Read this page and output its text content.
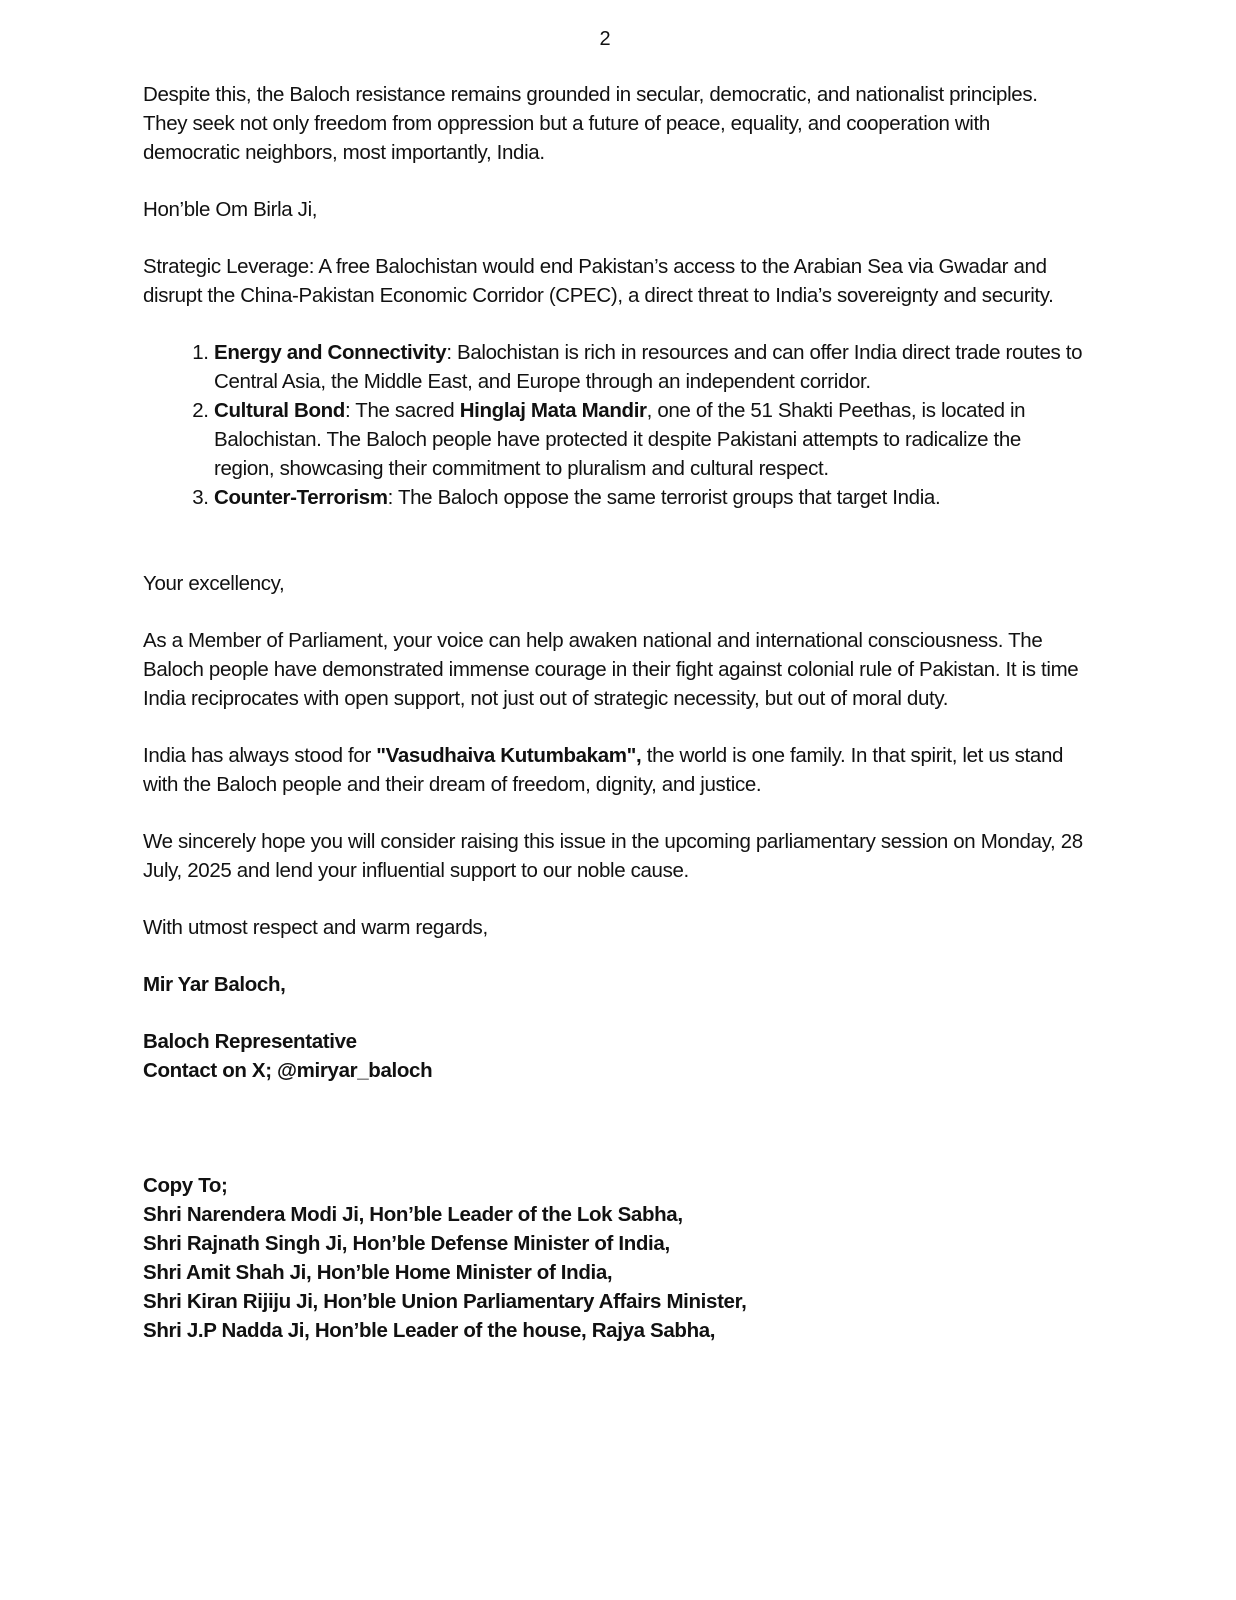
2

Despite this, the Baloch resistance remains grounded in secular, democratic, and nationalist principles. They seek not only freedom from oppression but a future of peace, equality, and cooperation with democratic neighbors, most importantly, India.

Hon’ble Om Birla Ji,

Strategic Leverage: A free Balochistan would end Pakistan’s access to the Arabian Sea via Gwadar and disrupt the China-Pakistan Economic Corridor (CPEC), a direct threat to India’s sovereignty and security.

1. Energy and Connectivity: Balochistan is rich in resources and can offer India direct trade routes to Central Asia, the Middle East, and Europe through an independent corridor.
2. Cultural Bond: The sacred Hinglaj Mata Mandir, one of the 51 Shakti Peethas, is located in Balochistan. The Baloch people have protected it despite Pakistani attempts to radicalize the region, showcasing their commitment to pluralism and cultural respect.
3. Counter-Terrorism: The Baloch oppose the same terrorist groups that target India.

Your excellency,

As a Member of Parliament, your voice can help awaken national and international consciousness. The Baloch people have demonstrated immense courage in their fight against colonial rule of Pakistan. It is time India reciprocates with open support, not just out of strategic necessity, but out of moral duty.

India has always stood for "Vasudhaiva Kutumbakam", the world is one family. In that spirit, let us stand with the Baloch people and their dream of freedom, dignity, and justice.

We sincerely hope you will consider raising this issue in the upcoming parliamentary session on Monday, 28 July, 2025 and lend your influential support to our noble cause.

With utmost respect and warm regards,

Mir Yar Baloch,

Baloch Representative
Contact on X; @miryar_baloch
Copy To;
Shri Narendera Modi Ji, Hon’ble Leader of the Lok Sabha,
Shri Rajnath Singh Ji, Hon’ble Defense Minister of India,
Shri Amit Shah Ji, Hon’ble Home Minister of India,
Shri Kiran Rijiju Ji, Hon’ble Union Parliamentary Affairs Minister,
Shri J.P Nadda Ji, Hon’ble Leader of the house, Rajya Sabha,
